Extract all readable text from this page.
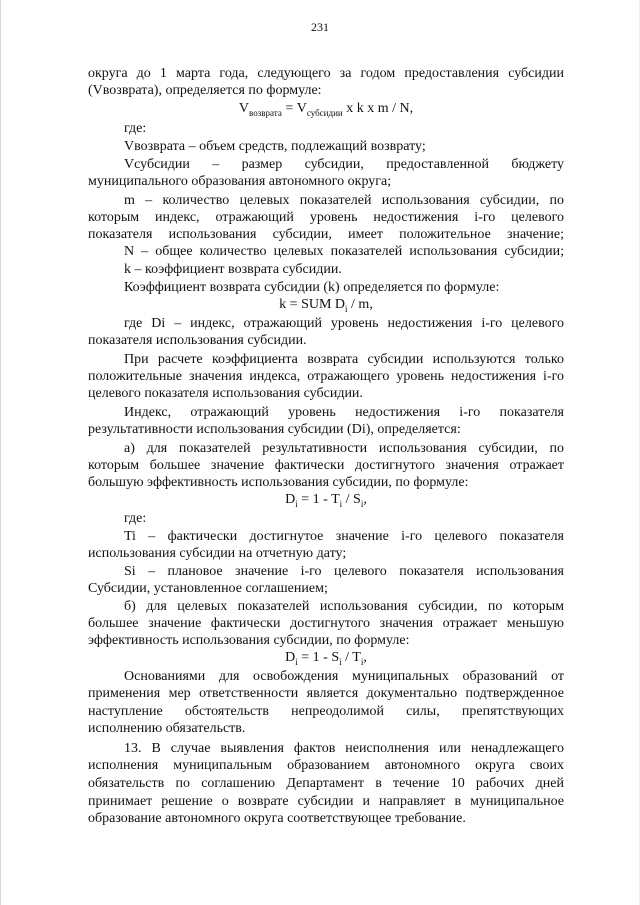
231
округа до 1 марта года, следующего за годом предоставления субсидии
(Vвозврата), определяется по формуле:
$V_{возврата} = V_{субсидии}$ x k x m / N,
где:
Vвозврата – объем средств, подлежащий возврату;
Vсубсидии – размер субсидии, предоставленной бюджету
муниципального образования автономного округа;
m – количество целевых показателей использования субсидии, по
которым индекс, отражающий уровень недостижения i-го целевого
показателя использования субсидии, имеет положительное значение;
N – общее количество целевых показателей использования субсидии;
k – коэффициент возврата субсидии.
Коэффициент возврата субсидии (k) определяется по формуле:
k = SUM $D_i$ / m,
где Di – индекс, отражающий уровень недостижения i-го целевого
показателя использования субсидии.
При расчете коэффициента возврата субсидии используются только
положительные значения индекса, отражающего уровень недостижения i-го
целевого показателя использования субсидии.
Индекс, отражающий уровень недостижения i-го показателя
результативности использования субсидии (Di), определяется:
а) для показателей результативности использования субсидии, по
которым большее значение фактически достигнутого значения отражает
большую эффективность использования субсидии, по формуле:
$D_i = 1 - T_i / S_i$,
где:
Ti – фактически достигнутое значение i-го целевого показателя
использования субсидии на отчетную дату;
Si – плановое значение i-го целевого показателя использования
Субсидии, установленное соглашением;
б) для целевых показателей использования субсидии, по которым
большее значение фактически достигнутого значения отражает меньшую
эффективность использования субсидии, по формуле:
$D_i = 1 - S_i / T_i$,
Основаниями для освобождения муниципальных образований от
применения мер ответственности является документально подтвержденное
наступление обстоятельств непреодолимой силы, препятствующих
исполнению обязательств.
13. В случае выявления фактов неисполнения или ненадлежащего
исполнения муниципальным образованием автономного округа своих
обязательств по соглашению Департамент в течение 10 рабочих дней
принимает решение о возврате субсидии и направляет в муниципальное
образование автономного округа соответствующее требование.
